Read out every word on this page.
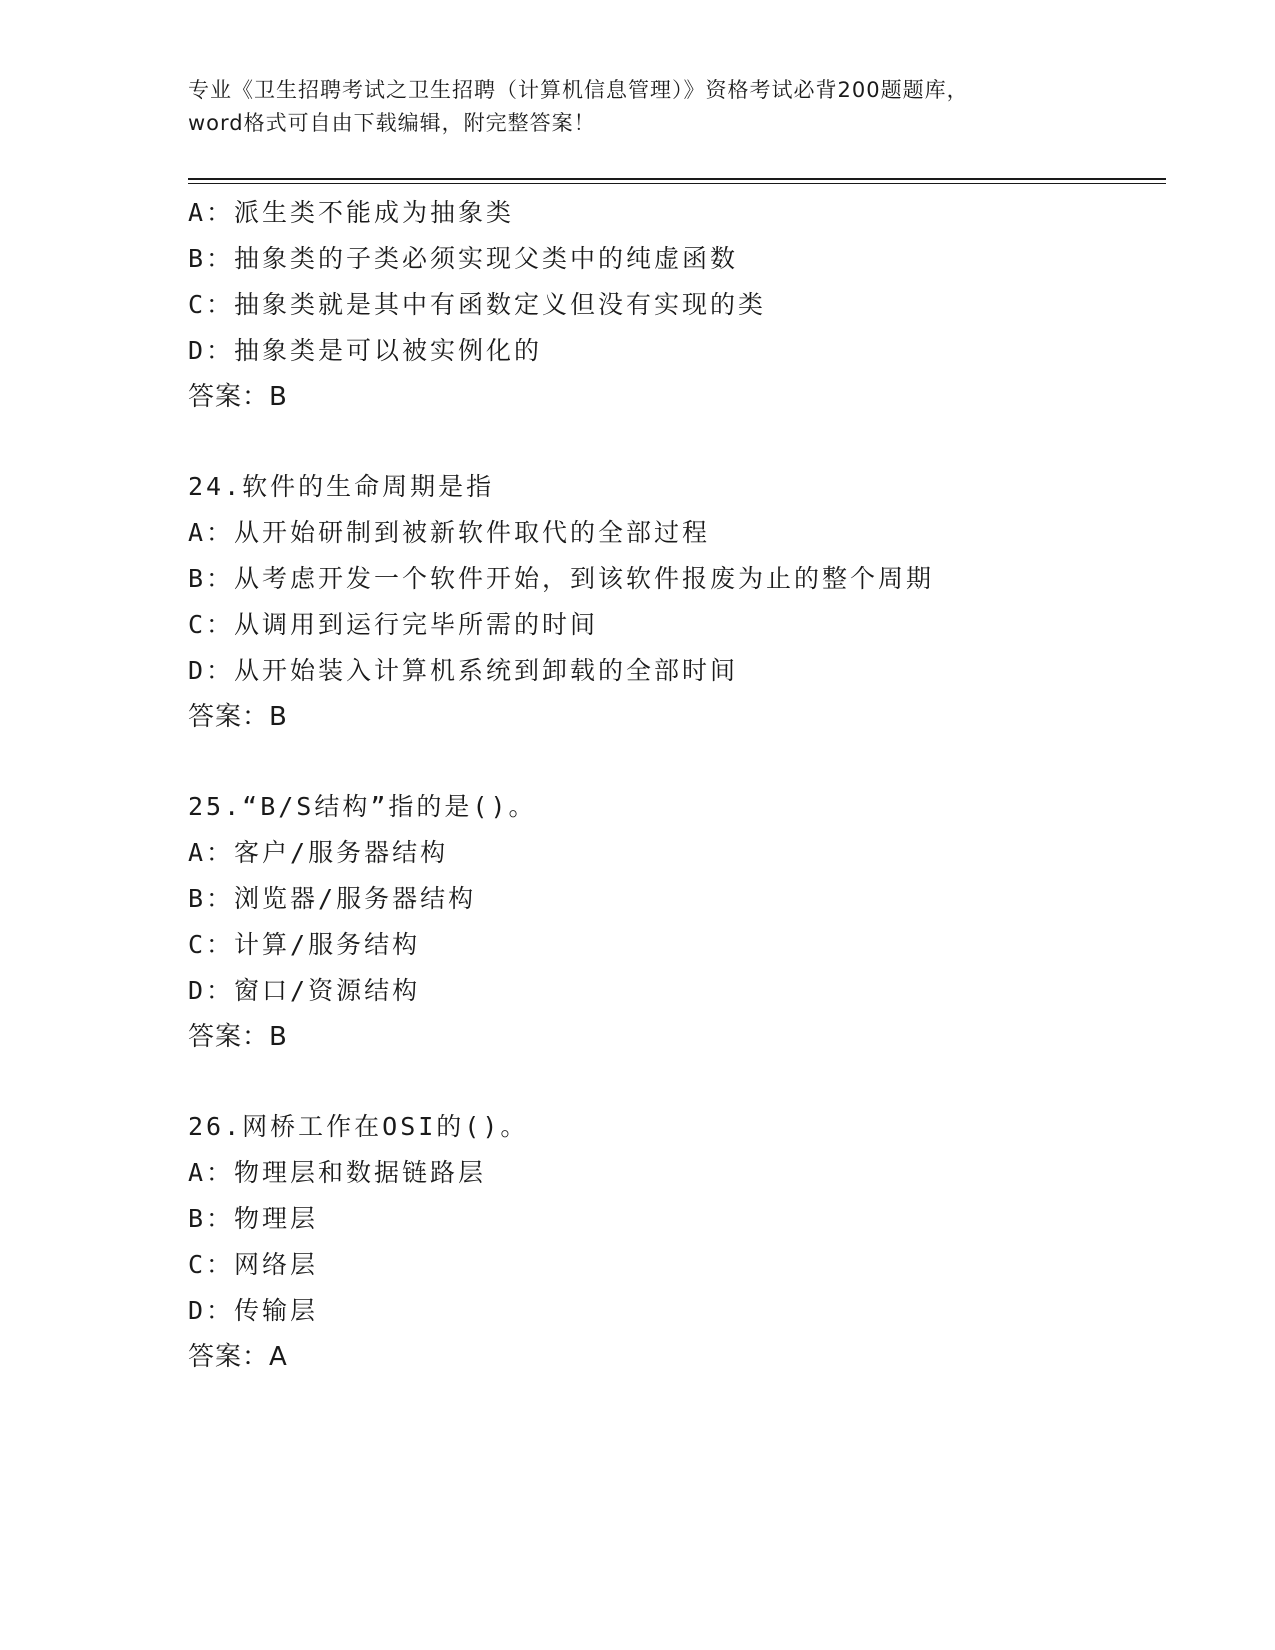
专业《卫生招聘考试之卫生招聘（计算机信息管理）》资格考试必背200题题库，
word格式可自由下载编辑，附完整答案！
A：派生类不能成为抽象类
B：抽象类的子类必须实现父类中的纯虚函数
C：抽象类就是其中有函数定义但没有实现的类
D：抽象类是可以被实例化的
答案：B
24.软件的生命周期是指
A：从开始研制到被新软件取代的全部过程
B：从考虑开发一个软件开始，到该软件报废为止的整个周期
C：从调用到运行完毕所需的时间
D：从开始装入计算机系统到卸载的全部时间
答案：B
25.“B/S结构”指的是()。
A：客户/服务器结构
B：浏览器/服务器结构
C：计算/服务结构
D：窗口/资源结构
答案：B
26.网桥工作在OSI的()。
A：物理层和数据链路层
B：物理层
C：网络层
D：传输层
答案：A
